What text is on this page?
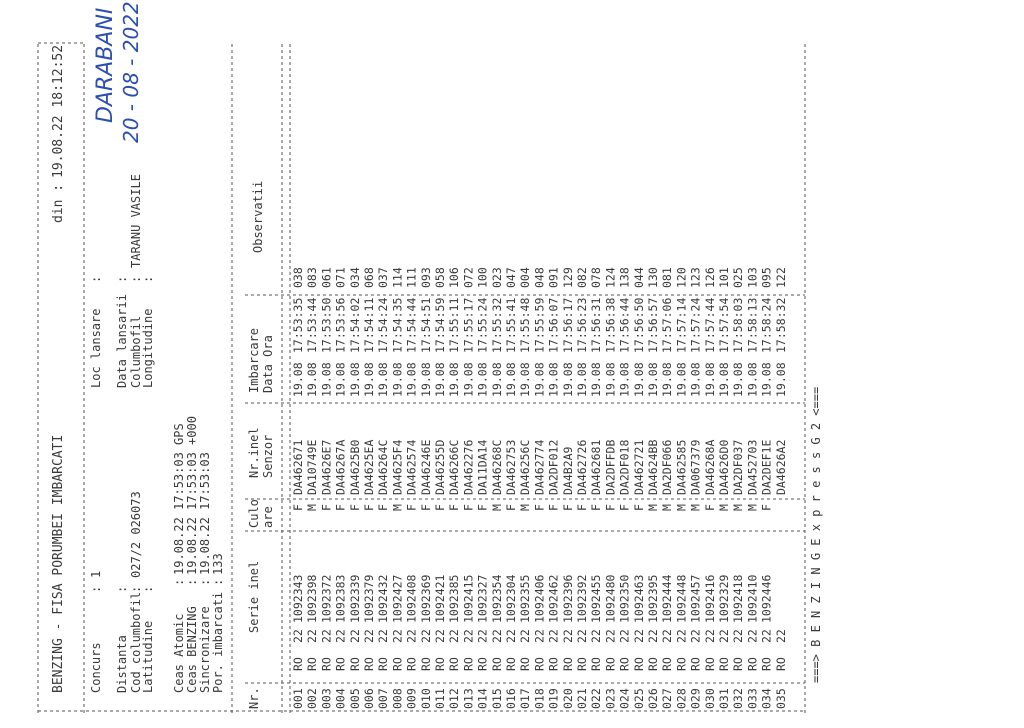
BENZING - FISA PORUMBEI IMBARCATI
din :
19.08.22 18:12:52
Concurs
:
1
Distanta
:
Cod columbofil
:
027/2 026073
Latitudine
:
Loc lansare
:
Data lansarii
:
Columbofil
:
TARANU VASILE
Longitudine
:
Ceas Atomic
:
19.08.22 17:53:03 GPS
Ceas BENZING
:
19.08.22 17:53:03 +000
Sincronizare
:
19.08.22 17:53:03
Por. imbarcati
:
133
DARABANI 20 - 08 - 2022
Nr.
Serie inel
Culo are
Nr.inel Senzor
Imbarcare Data Ora
Observatii
001
RO
22
1092343
F
DA462671
19.08
17:53:35
038
002
RO
22
1092398
M
DA10749E
19.08
17:53:44
083
003
RO
22
1092372
F
DA4626E7
19.08
17:53:50
061
004
RO
22
1092383
F
DA46267A
19.08
17:53:56
071
005
RO
22
1092339
F
DA4625B0
19.08
17:54:02
034
006
RO
22
1092379
F
DA4625EA
19.08
17:54:11
068
007
RO
22
1092432
F
DA46264C
19.08
17:54:24
037
008
RO
22
1092427
M
DA4625F4
19.08
17:54:35
114
009
RO
22
1092408
F
DA462574
19.08
17:54:44
111
010
RO
22
1092369
F
DA46246E
19.08
17:54:51
093
011
RO
22
1092421
F
DA46255D
19.08
17:54:59
058
012
RO
22
1092385
F
DA46266C
19.08
17:55:11
106
013
RO
22
1092415
F
DA462276
19.08
17:55:17
072
014
RO
22
1092327
F
DA11DA14
19.08
17:55:24
100
015
RO
22
1092354
M
DA46268C
19.08
17:55:32
023
016
RO
22
1092304
F
DA462753
19.08
17:55:41
047
017
RO
22
1092355
M
DA46256C
19.08
17:55:48
004
018
RO
22
1092406
F
DA462774
19.08
17:55:59
048
019
RO
22
1092462
F
DA2DF012
19.08
17:56:07
091
020
RO
22
1092396
F
DA4B2A9
19.08
17:56:17
129
021
RO
22
1092392
F
DA462726
19.08
17:56:23
082
022
RO
22
1092455
F
DA462681
19.08
17:56:31
078
023
RO
22
1092480
F
DA2DFFDB
19.08
17:56:38
124
024
RO
22
1092350
F
DA2DF018
19.08
17:56:44
138
025
RO
22
1092463
F
DA462721
19.08
17:56:50
044
026
RO
22
1092395
M
DA4624BB
19.08
17:56:57
130
027
RO
22
1092444
M
DA2DF066
19.08
17:57:06
081
028
RO
22
1092448
M
DA462585
19.08
17:57:14
120
029
RO
22
1092457
M
DA067379
19.08
17:57:24
123
030
RO
22
1092416
F
DA46268A
19.08
17:57:44
126
031
RO
22
1092329
M
DA4626D0
19.08
17:57:54
101
032
RO
22
1092418
M
DA2DF037
19.08
17:58:03
025
033
RO
22
1092410
M
DA452703
19.08
17:58:13
103
034
RO
22
1092446
F
DA2DEF1E
19.08
17:58:24
095
035
RO
22
DA4626A2
19.08
17:58:32
122
===> B E N Z I N G E x p r e s s G 2 <===
